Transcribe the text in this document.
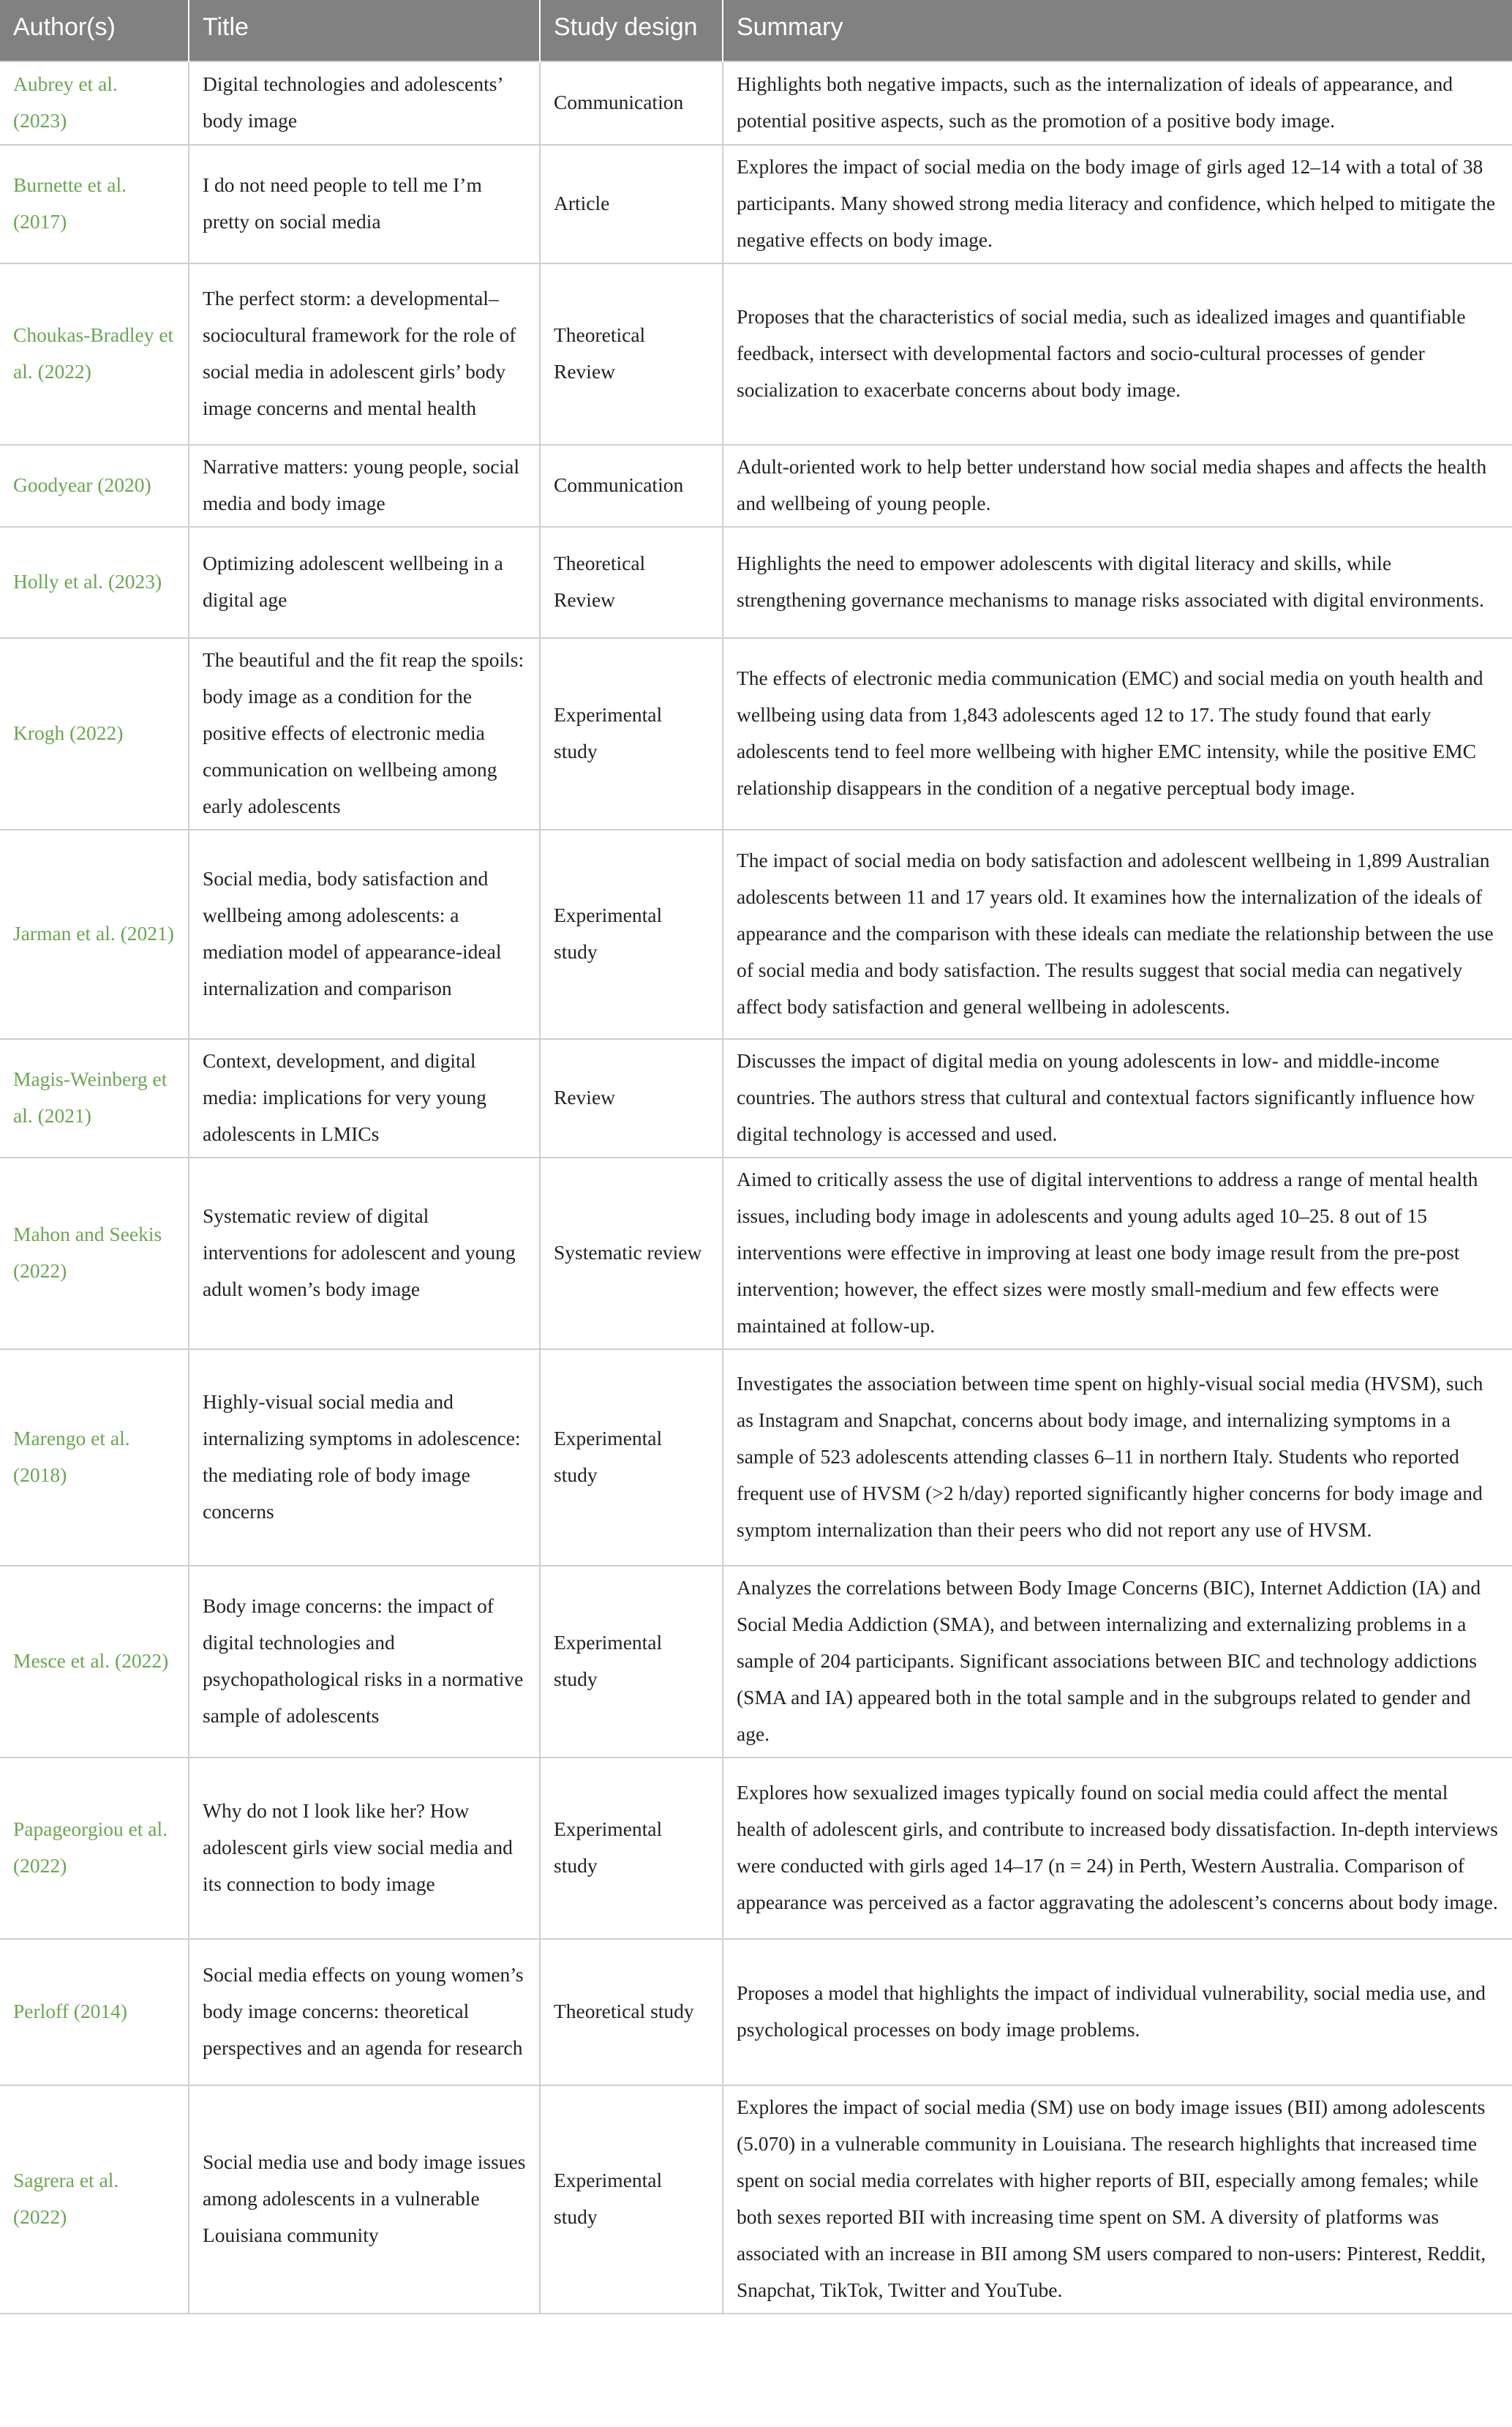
Author(s)	Title	Study design	Summary
Aubrey et al. (2023)	Digital technologies and adolescents’ body image	Communication	Highlights both negative impacts, such as the internalization of ideals of appearance, and potential positive aspects, such as the promotion of a positive body image.
Burnette et al. (2017)	I do not need people to tell me I’m pretty on social media	Article	Explores the impact of social media on the body image of girls aged 12–14 with a total of 38 participants. Many showed strong media literacy and confidence, which helped to mitigate the negative effects on body image.
Choukas-Bradley et al. (2022)	The perfect storm: a developmental–sociocultural framework for the role of social media in adolescent girls’ body image concerns and mental health	Theoretical Review	Proposes that the characteristics of social media, such as idealized images and quantifiable feedback, intersect with developmental factors and socio-cultural processes of gender socialization to exacerbate concerns about body image.
Goodyear (2020)	Narrative matters: young people, social media and body image	Communication	Adult-oriented work to help better understand how social media shapes and affects the health and wellbeing of young people.
Holly et al. (2023)	Optimizing adolescent wellbeing in a digital age	Theoretical Review	Highlights the need to empower adolescents with digital literacy and skills, while strengthening governance mechanisms to manage risks associated with digital environments.
Krogh (2022)	The beautiful and the fit reap the spoils: body image as a condition for the positive effects of electronic media communication on wellbeing among early adolescents	Experimental study	The effects of electronic media communication (EMC) and social media on youth health and wellbeing using data from 1,843 adolescents aged 12 to 17. The study found that early adolescents tend to feel more wellbeing with higher EMC intensity, while the positive EMC relationship disappears in the condition of a negative perceptual body image.
Jarman et al. (2021)	Social media, body satisfaction and wellbeing among adolescents: a mediation model of appearance-ideal internalization and comparison	Experimental study	The impact of social media on body satisfaction and adolescent wellbeing in 1,899 Australian adolescents between 11 and 17 years old. It examines how the internalization of the ideals of appearance and the comparison with these ideals can mediate the relationship between the use of social media and body satisfaction. The results suggest that social media can negatively affect body satisfaction and general wellbeing in adolescents.
Magis-Weinberg et al. (2021)	Context, development, and digital media: implications for very young adolescents in LMICs	Review	Discusses the impact of digital media on young adolescents in low- and middle-income countries. The authors stress that cultural and contextual factors significantly influence how digital technology is accessed and used.
Mahon and Seekis (2022)	Systematic review of digital interventions for adolescent and young adult women’s body image	Systematic review	Aimed to critically assess the use of digital interventions to address a range of mental health issues, including body image in adolescents and young adults aged 10–25. 8 out of 15 interventions were effective in improving at least one body image result from the pre-post intervention; however, the effect sizes were mostly small-medium and few effects were maintained at follow-up.
Marengo et al. (2018)	Highly-visual social media and internalizing symptoms in adolescence: the mediating role of body image concerns	Experimental study	Investigates the association between time spent on highly-visual social media (HVSM), such as Instagram and Snapchat, concerns about body image, and internalizing symptoms in a sample of 523 adolescents attending classes 6–11 in northern Italy. Students who reported frequent use of HVSM (>2 h/day) reported significantly higher concerns for body image and symptom internalization than their peers who did not report any use of HVSM.
Mesce et al. (2022)	Body image concerns: the impact of digital technologies and psychopathological risks in a normative sample of adolescents	Experimental study	Analyzes the correlations between Body Image Concerns (BIC), Internet Addiction (IA) and Social Media Addiction (SMA), and between internalizing and externalizing problems in a sample of 204 participants. Significant associations between BIC and technology addictions (SMA and IA) appeared both in the total sample and in the subgroups related to gender and age.
Papageorgiou et al. (2022)	Why do not I look like her? How adolescent girls view social media and its connection to body image	Experimental study	Explores how sexualized images typically found on social media could affect the mental health of adolescent girls, and contribute to increased body dissatisfaction. In-depth interviews were conducted with girls aged 14–17 (n = 24) in Perth, Western Australia. Comparison of appearance was perceived as a factor aggravating the adolescent’s concerns about body image.
Perloff (2014)	Social media effects on young women’s body image concerns: theoretical perspectives and an agenda for research	Theoretical study	Proposes a model that highlights the impact of individual vulnerability, social media use, and psychological processes on body image problems.
Sagrera et al. (2022)	Social media use and body image issues among adolescents in a vulnerable Louisiana community	Experimental study	Explores the impact of social media (SM) use on body image issues (BII) among adolescents (5.070) in a vulnerable community in Louisiana. The research highlights that increased time spent on social media correlates with higher reports of BII, especially among females; while both sexes reported BII with increasing time spent on SM. A diversity of platforms was associated with an increase in BII among SM users compared to non-users: Pinterest, Reddit, Snapchat, TikTok, Twitter and YouTube.
